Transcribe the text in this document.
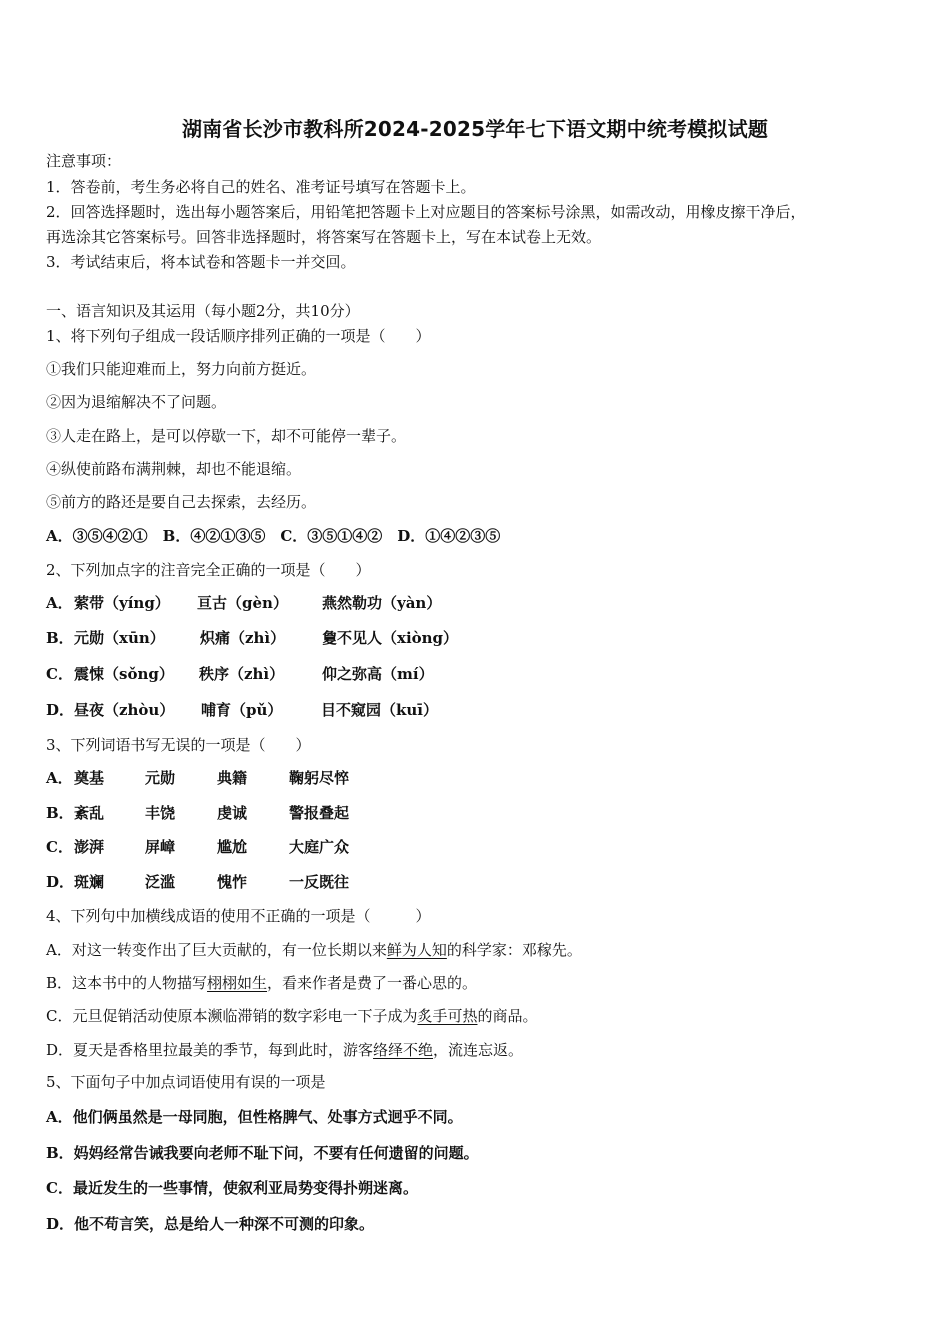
湖南省长沙市教科所2024-2025学年七下语文期中统考模拟试题
注意事项：
1．答卷前，考生务必将自己的姓名、准考证号填写在答题卡上。
2．回答选择题时，选出每小题答案后，用铅笔把答题卡上对应题目的答案标号涂黑，如需改动，用橡皮擦干净后，
再选涂其它答案标号。回答非选择题时，将答案写在答题卡上，写在本试卷上无效。
3．考试结束后，将本试卷和答题卡一并交回。
一、语言知识及其运用（每小题2分，共10分）
1、将下列句子组成一段话顺序排列正确的一项是（　　）
①我们只能迎难而上，努力向前方挺近。
②因为退缩解决不了问题。
③人走在路上，是可以停歇一下，却不可能停一辈子。
④纵使前路布满荆棘，却也不能退缩。
⑤前方的路还是要自己去探索，去经历。
A．③⑤④②①　B．④②①③⑤　C．③⑤①④②　D．①④②③⑤
2、下列加点字的注音完全正确的一项是（　　）
A． 萦带（yíng） 亘古（gèn） 燕然勒功（yàn）
B． 元勋（xūn） 炽痛（zhì） 敻不见人（xiòng）
C． 震悚（sǒng） 秩序（zhì）	仰之弥高（mí）
D． 昼夜（zhòu） 哺育（pǔ）	目不窥园（kuī）
3、下列词语书写无误的一项是（　　）
A． 奠基	元勋	典籍	鞠躬尽悴
B． 紊乱	丰饶	虔诚	警报叠起
C． 澎湃	屏嶂	尴尬	大庭广众
D． 斑斓	泛滥	愧怍	一反既往
4、下列句中加横线成语的使用不正确的一项是（　　　）
A．对这一转变作出了巨大贡献的，有一位长期以来鲜为人知的科学家：邓稼先。
B．这本书中的人物描写栩栩如生，看来作者是费了一番心思的。
C．元旦促销活动使原本濒临滞销的数字彩电一下子成为炙手可热的商品。
D．夏天是香格里拉最美的季节，每到此时，游客络绎不绝，流连忘返。
5、下面句子中加点词语使用有误的一项是
A．他们俩虽然是一母同胞，但性格脾气、处事方式迥乎不同。
B．妈妈经常告诫我要向老师不耻下问，不要有任何遗留的问题。
C．最近发生的一些事情，使叙利亚局势变得扑朔迷离。
D．他不苟言笑，总是给人一种深不可测的印象。
